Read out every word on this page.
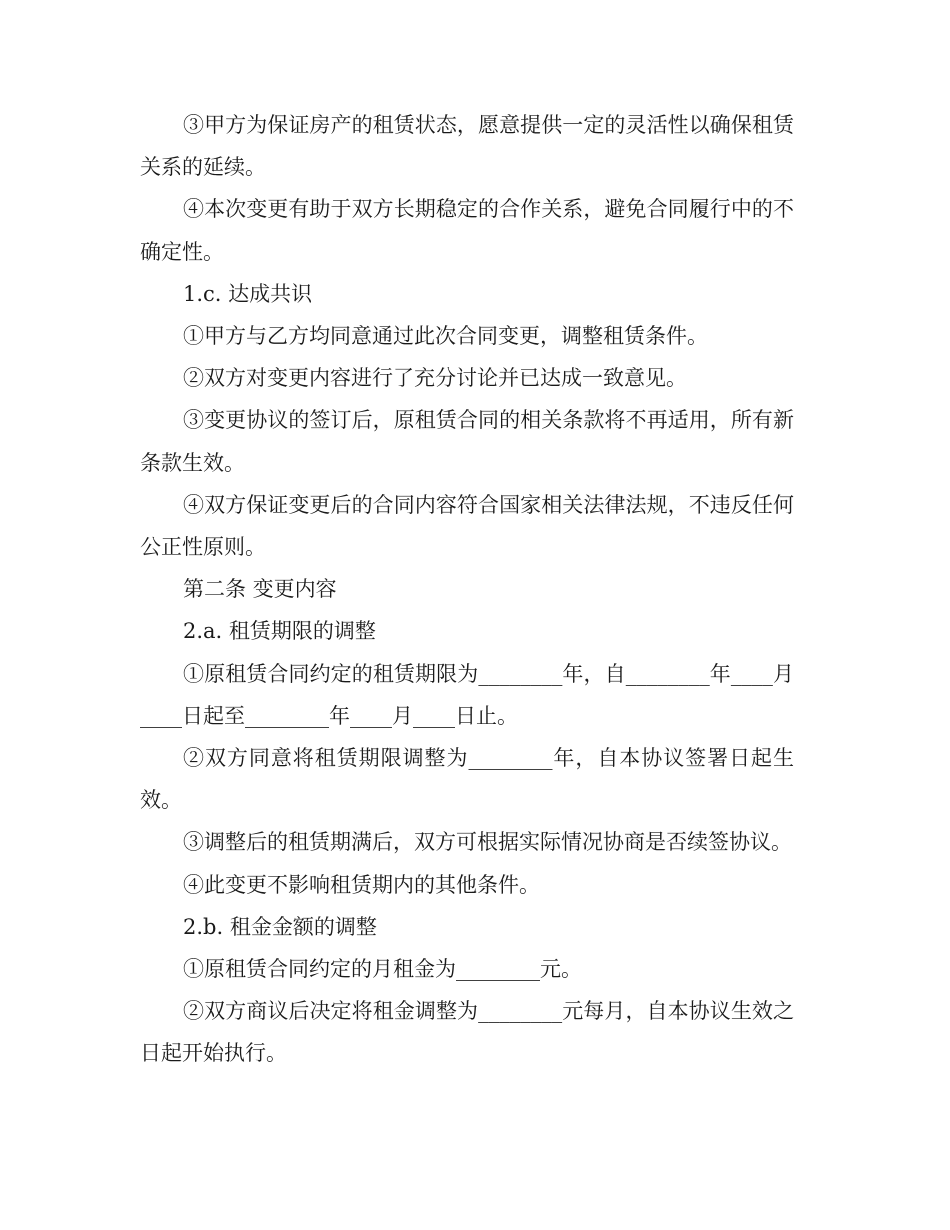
③甲方为保证房产的租赁状态，愿意提供一定的灵活性以确保租赁关系的延续。

④本次变更有助于双方长期稳定的合作关系，避免合同履行中的不确定性。

1.c. 达成共识

①甲方与乙方均同意通过此次合同变更，调整租赁条件。

②双方对变更内容进行了充分讨论并已达成一致意见。

③变更协议的签订后，原租赁合同的相关条款将不再适用，所有新条款生效。

④双方保证变更后的合同内容符合国家相关法律法规，不违反任何公正性原则。

第二条 变更内容

2.a. 租赁期限的调整

①原租赁合同约定的租赁期限为________年，自________年____月____日起至________年____月____日止。

②双方同意将租赁期限调整为________年，自本协议签署日起生效。

③调整后的租赁期满后，双方可根据实际情况协商是否续签协议。

④此变更不影响租赁期内的其他条件。

2.b. 租金金额的调整

①原租赁合同约定的月租金为________元。

②双方商议后决定将租金调整为________元每月，自本协议生效之日起开始执行。
